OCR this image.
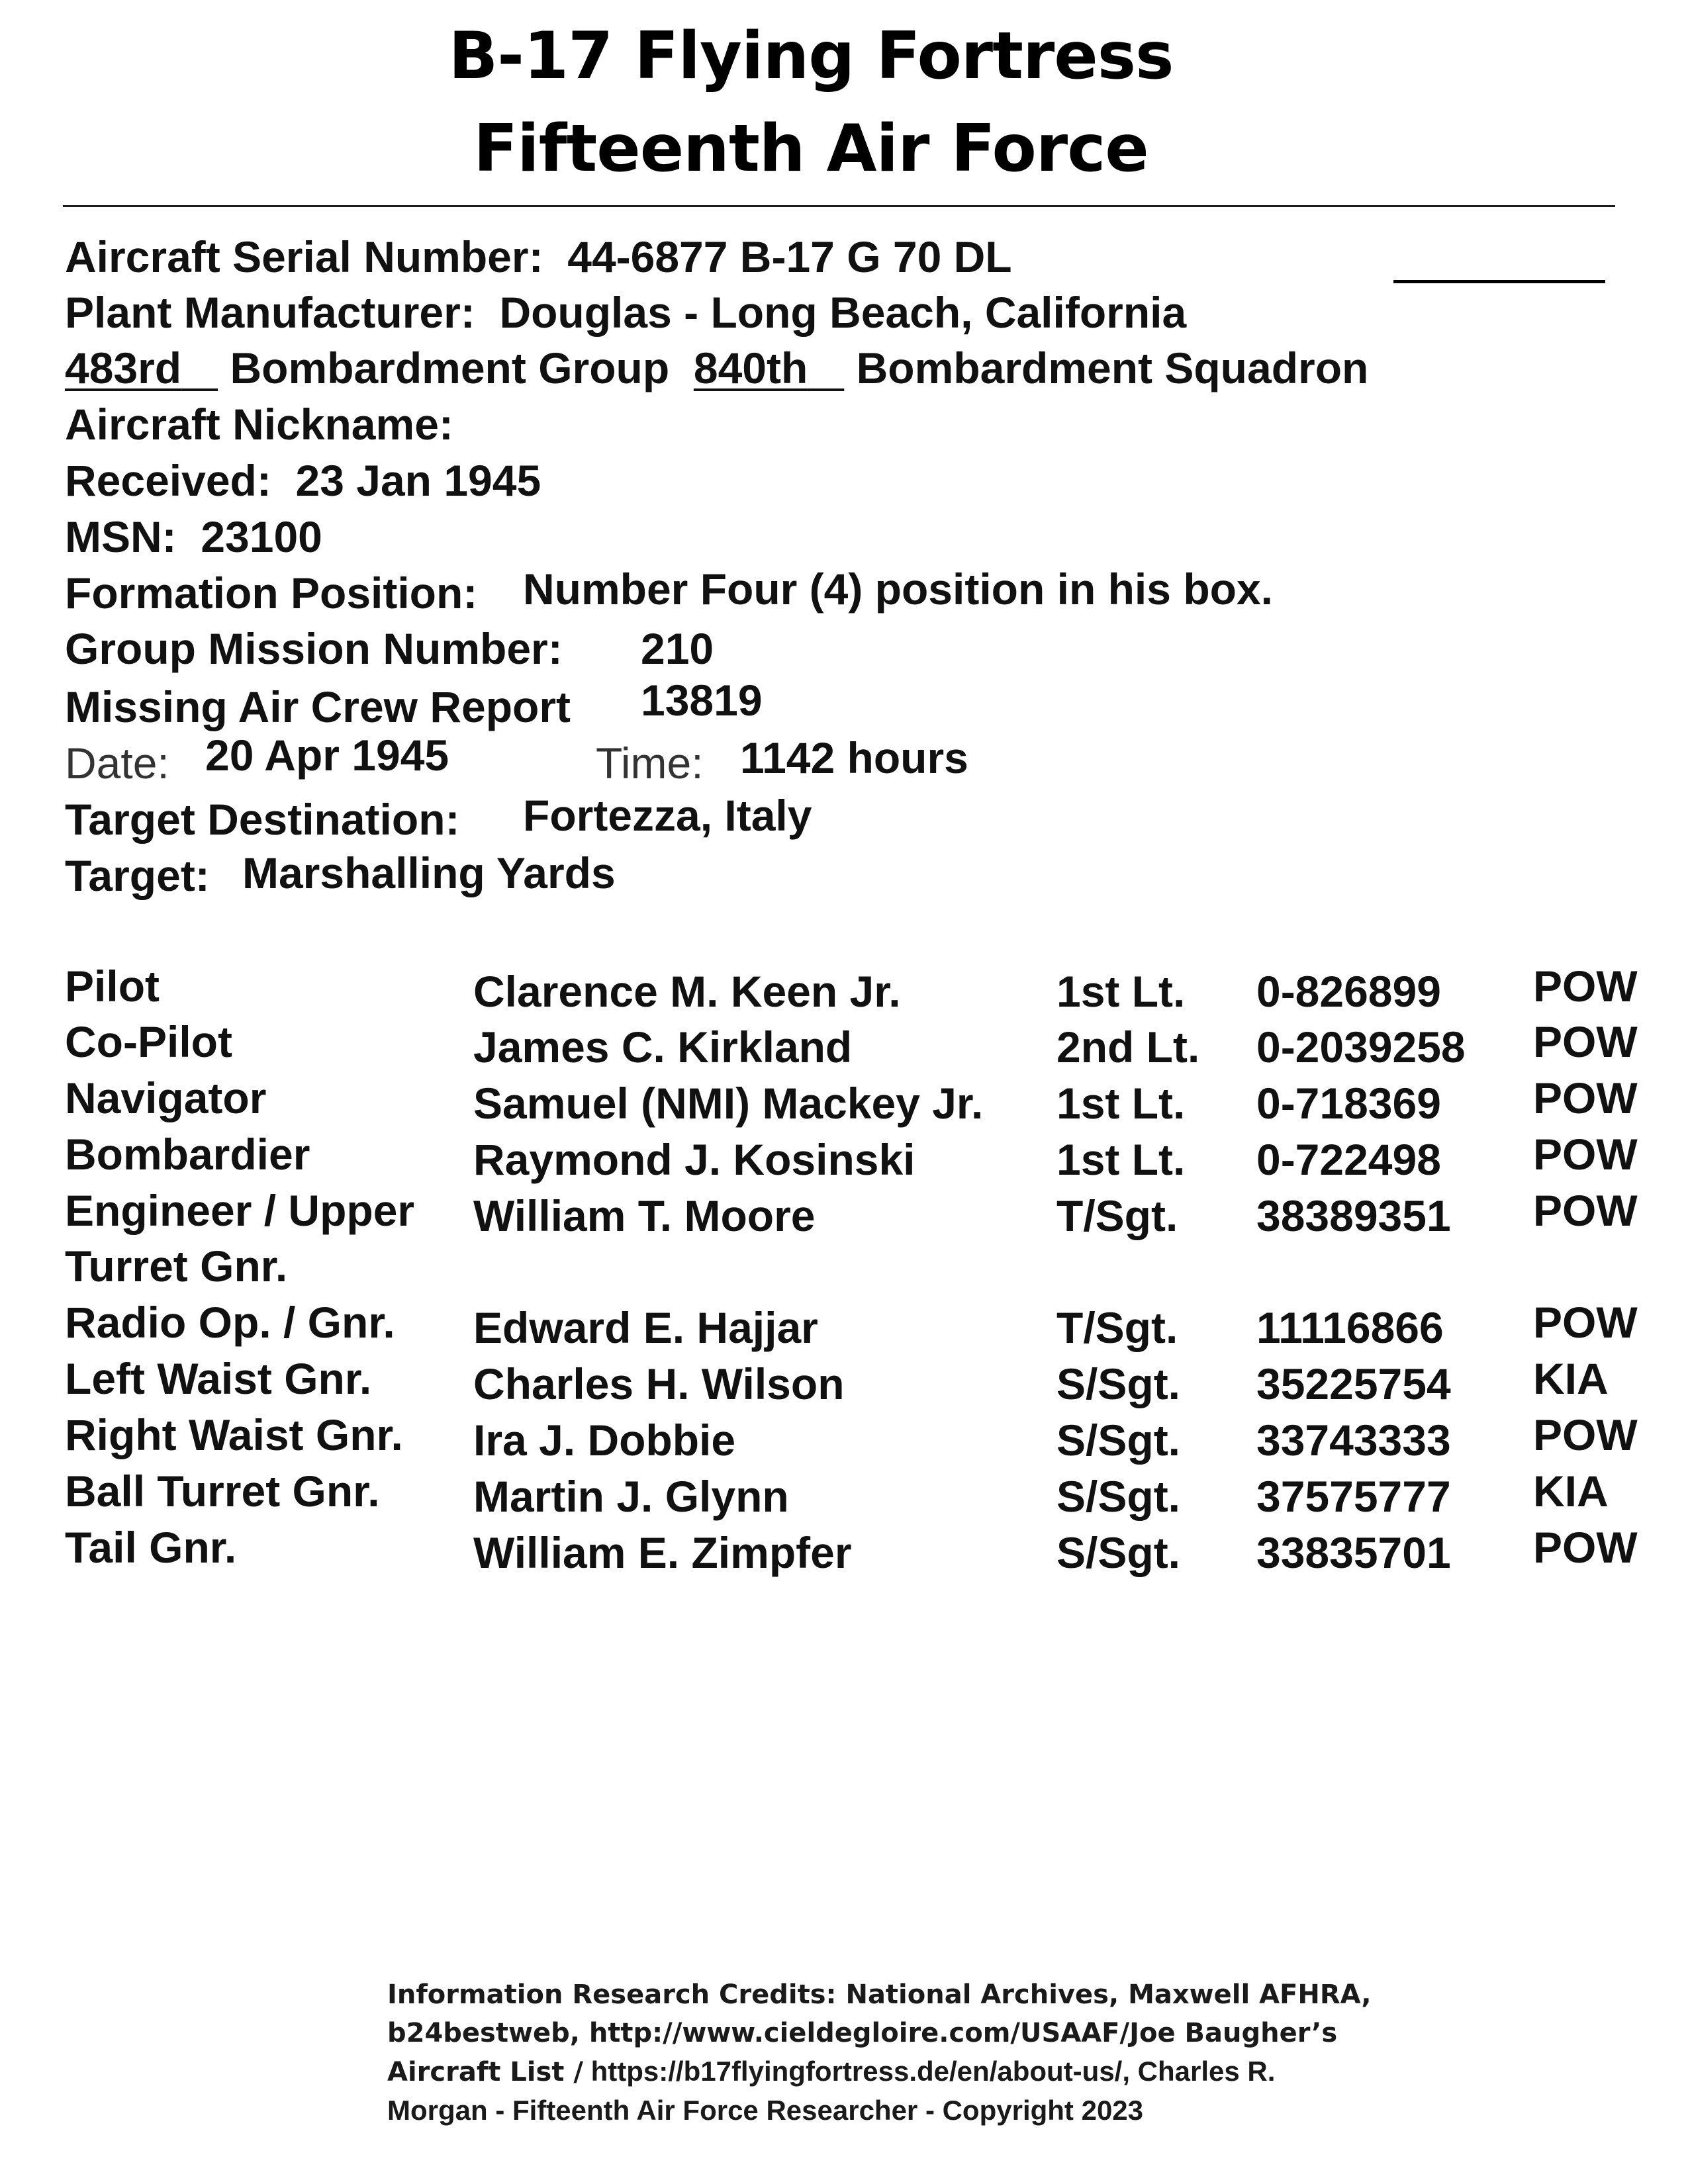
B-17 Flying Fortress
Fifteenth Air Force
Aircraft Serial Number: 44-6877 B-17 G 70 DL
Plant Manufacturer: Douglas - Long Beach, California
483rd Bombardment Group 840th Bombardment Squadron
Aircraft Nickname:
Received: 23 Jan 1945
MSN: 23100
Formation Position: Number Four (4) position in his box.
Group Mission Number: 210
Missing Air Crew Report 13819
Date: 20 Apr 1945	Time: 1142 hours
Target Destination: Fortezza, Italy
Target: Marshalling Yards
Pilot	Clarence M. Keen Jr.	1st Lt. 0-826899 POW
Co-Pilot	James C. Kirkland	2nd Lt. 0-2039258 POW
Navigator	Samuel (NMI) Mackey Jr. 1st Lt. 0-718369 POW
Bombardier	Raymond J. Kosinski	1st Lt. 0-722498 POW
Engineer / Upper
Turret Gnr.
William T. Moore	T/Sgt. 38389351 POW
Radio Op. / Gnr. Edward E. Hajjar	T/Sgt. 11116866 POW
Left Waist Gnr. Charles H. Wilson	S/Sgt. 35225754 KIA
Right Waist Gnr. Ira J. Dobbie	S/Sgt. 33743333 POW
Ball Turret Gnr. Martin J. Glynn	S/Sgt. 37575777 KIA
Tail Gnr.	William E. Zimpfer	S/Sgt. 33835701 POW
Information Research Credits: National Archives, Maxwell AFHRA,
b24bestweb, http://www.cieldegloire.com/USAAF/Joe Baugher’s
Aircraft List / https://b17flyingfortress.de/en/about-us/, Charles R.
Morgan - Fifteenth Air Force Researcher - Copyright 2023
